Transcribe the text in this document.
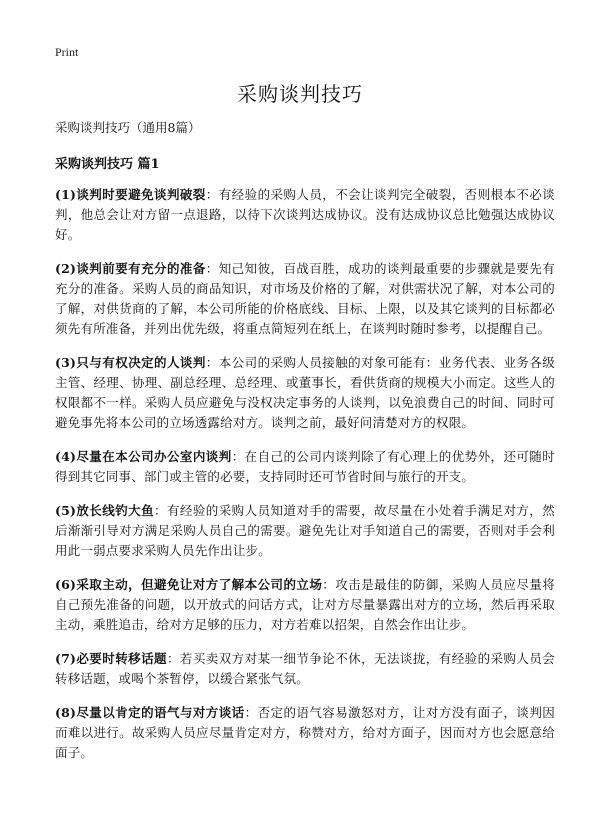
Print
采购谈判技巧

采购谈判技巧（通用8篇）

采购谈判技巧 篇1

(1)谈判时要避免谈判破裂：有经验的采购人员，不会让谈判完全破裂，否则根本不必谈判，他总会让对方留一点退路，以待下次谈判达成协议。没有达成协议总比勉强达成协议好。

(2)谈判前要有充分的准备：知己知彼，百战百胜，成功的谈判最重要的步骤就是要先有充分的准备。采购人员的商品知识，对市场及价格的了解，对供需状况了解，对本公司的了解，对供货商的了解，本公司所能的价格底线、目标、上限，以及其它谈判的目标都必须先有所准备，并列出优先级，将重点简短列在纸上，在谈判时随时参考，以提醒自己。

(3)只与有权决定的人谈判：本公司的采购人员接触的对象可能有：业务代表、业务各级主管、经理、协理、副总经理、总经理、或董事长，看供货商的规模大小而定。这些人的权限都不一样。采购人员应避免与没权决定事务的人谈判，以免浪费自己的时间、同时可避免事先将本公司的立场透露给对方。谈判之前，最好问清楚对方的权限。

(4)尽量在本公司办公室内谈判：在自己的公司内谈判除了有心理上的优势外，还可随时得到其它同事、部门或主管的必要，支持同时还可节省时间与旅行的开支。

(5)放长线钓大鱼：有经验的采购人员知道对手的需要，故尽量在小处着手满足对方，然后渐渐引导对方满足采购人员自己的需要。避免先让对手知道自己的需要，否则对手会利用此一弱点要求采购人员先作出让步。

(6)采取主动，但避免让对方了解本公司的立场：攻击是最佳的防御，采购人员应尽量将自己预先准备的问题，以开放式的问话方式，让对方尽量暴露出对方的立场，然后再采取主动，乘胜追击，给对方足够的压力，对方若难以招架，自然会作出让步。

(7)必要时转移话题：若买卖双方对某一细节争论不休，无法谈拢，有经验的采购人员会转移话题，或喝个茶暂停，以缓合紧张气氛。

(8)尽量以肯定的语气与对方谈话：否定的语气容易激怒对方，让对方没有面子，谈判因而难以进行。故采购人员应尽量肯定对方，称赞对方，给对方面子，因而对方也会愿意给面子。
